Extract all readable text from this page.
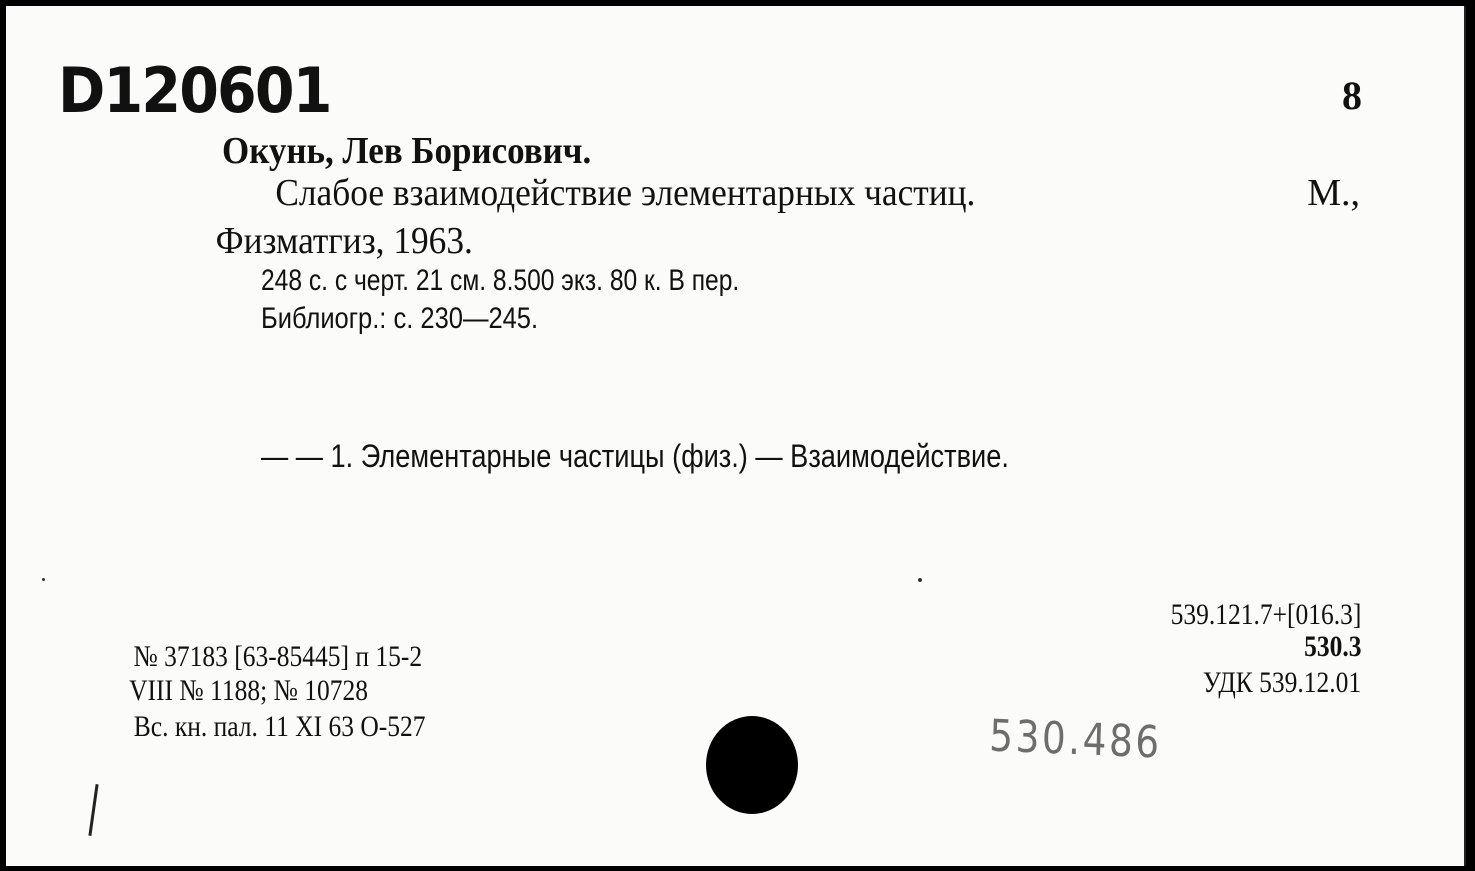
D120601	8
Окунь, Лев Борисович.
Слабое взаимодействие элементарных частиц.	М.,
Физматгиз, 1963.
248 с. с черт. 21 см. 8.500 экз. 80 к. В пер.
Библиогр.: с. 230—245.
— — 1. Элементарные частицы (физ.) — Взаимодействие.
539.121.7+[016.3]
530.3
УДК 539.12.01
№ 37183 [63-85445] п 15-2
VIII № 1188; № 10728
Вс. кн. пал. 11 XI 63 О-527	530.486
